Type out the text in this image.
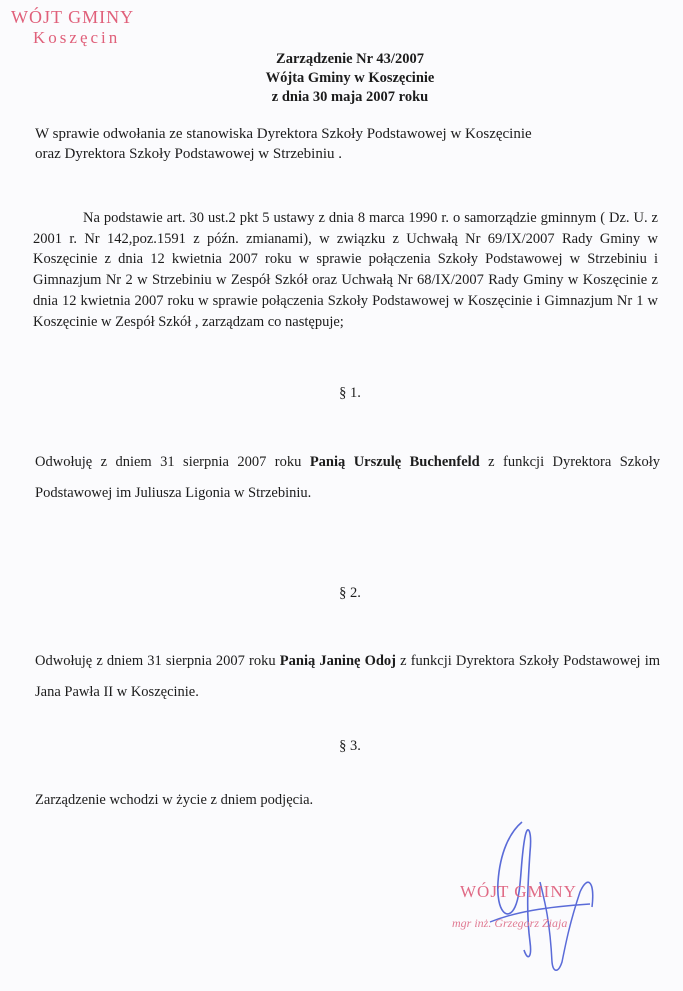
WÓJT GMINY
Koszęcin
Zarządzenie Nr 43/2007
Wójta Gminy w Koszęcinie
z dnia 30 maja 2007 roku
W sprawie odwołania ze stanowiska Dyrektora Szkoły Podstawowej w Koszęcinie
oraz Dyrektora Szkoły Podstawowej w Strzebiniu .
Na podstawie art. 30 ust.2 pkt 5 ustawy z dnia 8 marca 1990 r. o samorządzie gminnym ( Dz. U. z 2001 r. Nr 142,poz.1591 z późn. zmianami), w związku z Uchwałą Nr 69/IX/2007 Rady Gminy w Koszęcinie z dnia 12 kwietnia 2007 roku w sprawie połączenia Szkoły Podstawowej w Strzebiniu i Gimnazjum Nr 2 w Strzebiniu w Zespół Szkół oraz Uchwałą Nr 68/IX/2007 Rady Gminy w Koszęcinie z dnia 12 kwietnia 2007 roku w sprawie połączenia Szkoły Podstawowej w Koszęcinie i Gimnazjum Nr 1 w Koszęcinie w Zespół Szkół , zarządzam co następuje;
§ 1.
Odwołuję z dniem 31 sierpnia 2007 roku Panią Urszulę Buchenfeld z funkcji Dyrektora Szkoły Podstawowej im Juliusza Ligonia w Strzebiniu.
§ 2.
Odwołuję z dniem 31 sierpnia 2007 roku Panią Janinę Odoj z funkcji Dyrektora Szkoły Podstawowej im Jana Pawła II w Koszęcinie.
§ 3.
Zarządzenie wchodzi w życie z dniem podjęcia.
WÓJT GMINY
mgr inż. Grzegorz Ziaja
